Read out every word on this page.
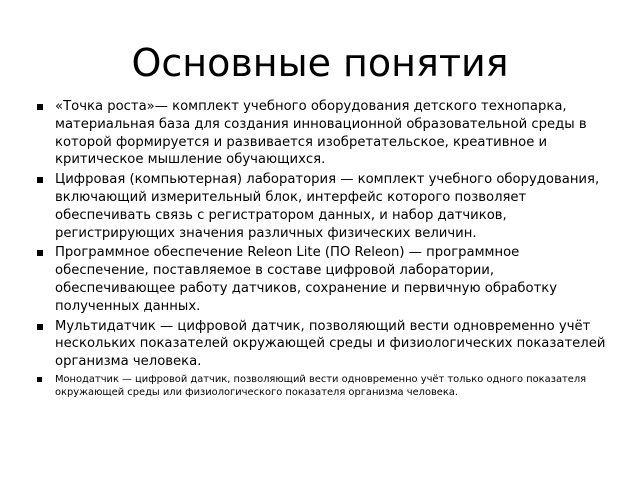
Основные понятия
«Точка роста»— комплект учебного оборудования детского технопарка, материальная база для создания инновационной образовательной среды в которой формируется и развивается изобретательское, креативное и критическое мышление обучающихся.
Цифровая (компьютерная) лаборатория — комплект учебного оборудования, включающий измерительный блок, интерфейс которого позволяет обеспечивать связь с регистратором данных, и набор датчиков, регистрирующих значения различных физических величин.
Программное обеспечение Releon Lite (ПО Releon) — программное обеспечение, поставляемое в составе цифровой лаборатории, обеспечивающее работу датчиков, сохранение и первичную обработку полученных данных.
Мультидатчик — цифровой датчик, позволяющий вести одновременно учёт нескольких показателей окружающей среды и физиологических показателей организма человека.
Монодатчик — цифровой датчик, позволяющий вести одновременно учёт только одного показателя окружающей среды или физиологического показателя организма человека.
